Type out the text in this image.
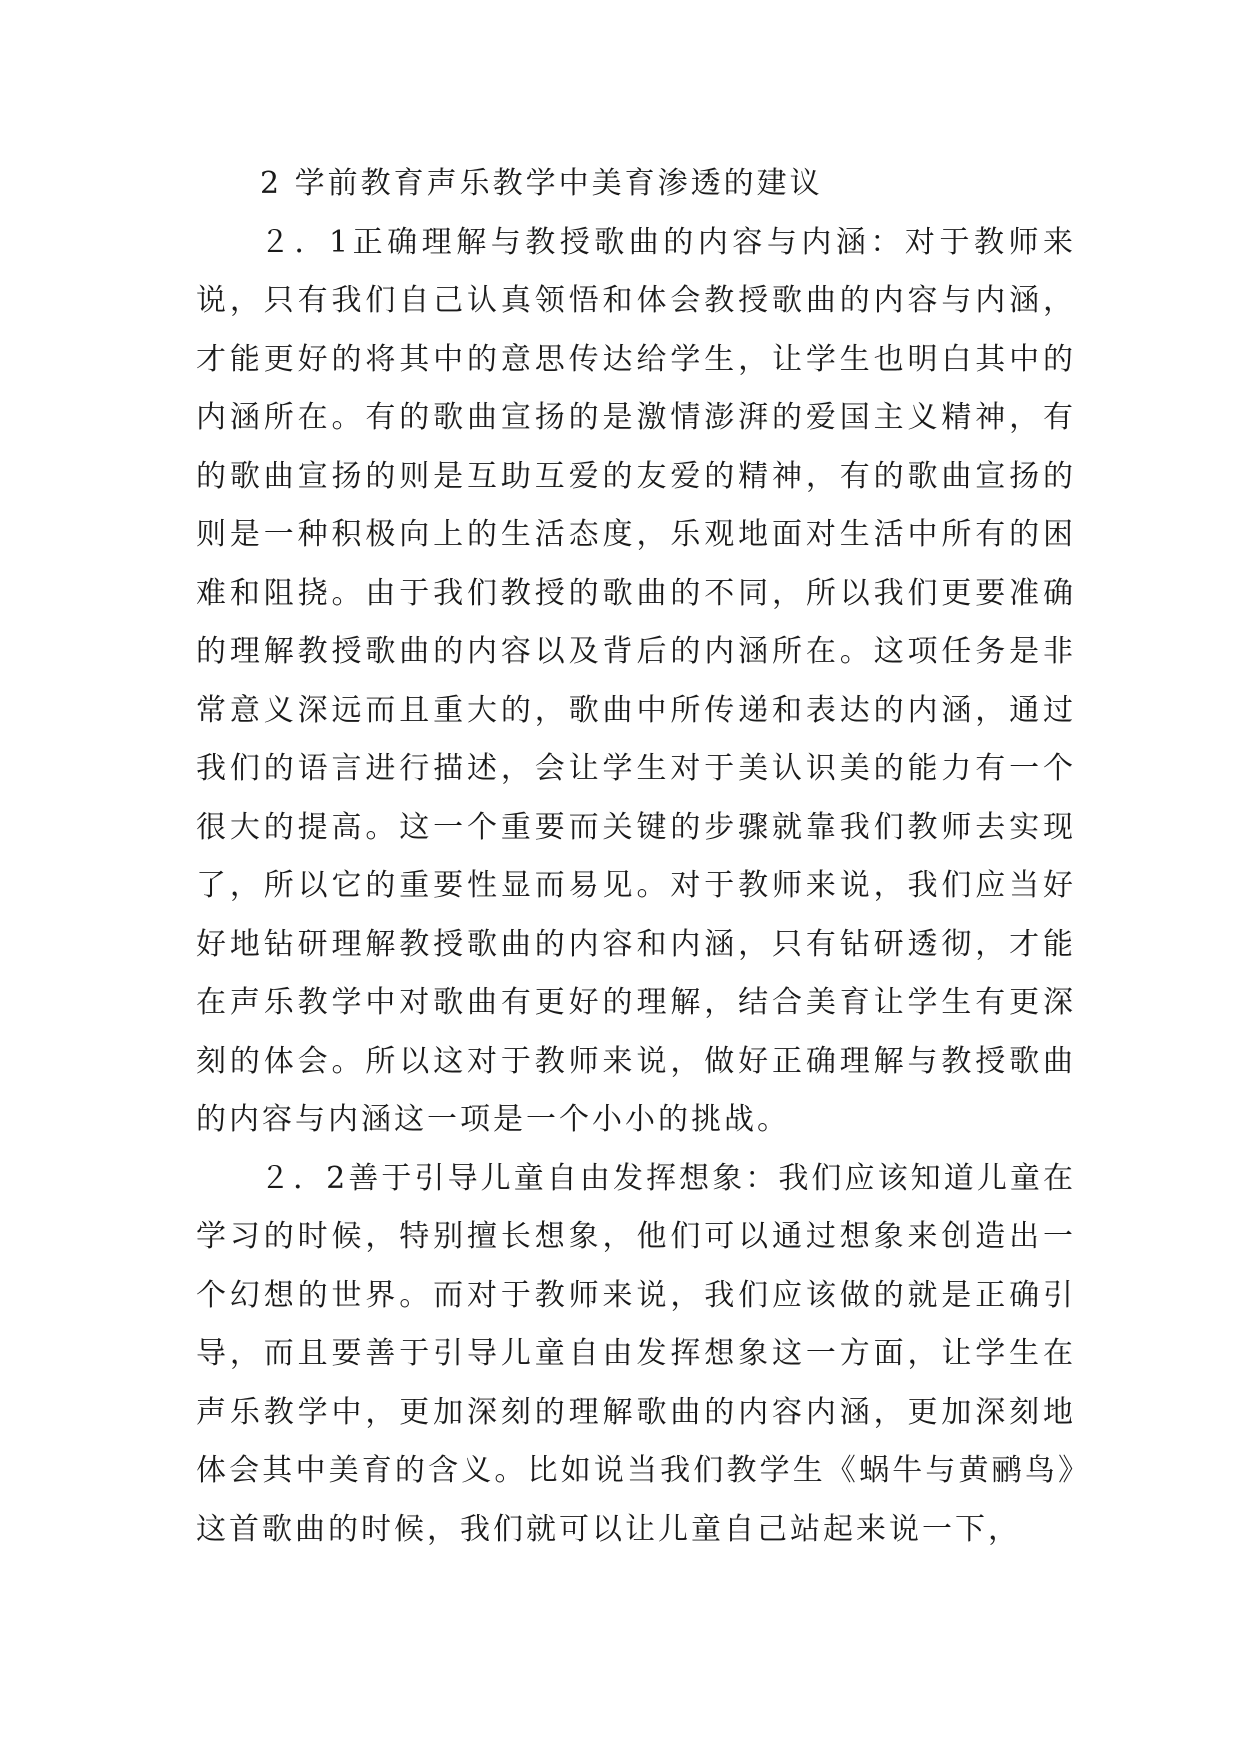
2 学前教育声乐教学中美育渗透的建议

２．1正确理解与教授歌曲的内容与内涵：对于教师来说，只有我们自己认真领悟和体会教授歌曲的内容与内涵，才能更好的将其中的意思传达给学生，让学生也明白其中的内涵所在。有的歌曲宣扬的是激情澎湃的爱国主义精神，有的歌曲宣扬的则是互助互爱的友爱的精神，有的歌曲宣扬的则是一种积极向上的生活态度，乐观地面对生活中所有的困难和阻挠。由于我们教授的歌曲的不同，所以我们更要准确的理解教授歌曲的内容以及背后的内涵所在。这项任务是非常意义深远而且重大的，歌曲中所传递和表达的内涵，通过我们的语言进行描述，会让学生对于美认识美的能力有一个很大的提高。这一个重要而关键的步骤就靠我们教师去实现了，所以它的重要性显而易见。对于教师来说，我们应当好好地钻研理解教授歌曲的内容和内涵，只有钻研透彻，才能在声乐教学中对歌曲有更好的理解，结合美育让学生有更深刻的体会。所以这对于教师来说，做好正确理解与教授歌曲的内容与内涵这一项是一个小小的挑战。

２．2善于引导儿童自由发挥想象：我们应该知道儿童在学习的时候，特别擅长想象，他们可以通过想象来创造出一个幻想的世界。而对于教师来说，我们应该做的就是正确引导，而且要善于引导儿童自由发挥想象这一方面，让学生在声乐教学中，更加深刻的理解歌曲的内容内涵，更加深刻地体会其中美育的含义。比如说当我们教学生《蜗牛与黄鹂鸟》这首歌曲的时候，我们就可以让儿童自己站起来说一下，
